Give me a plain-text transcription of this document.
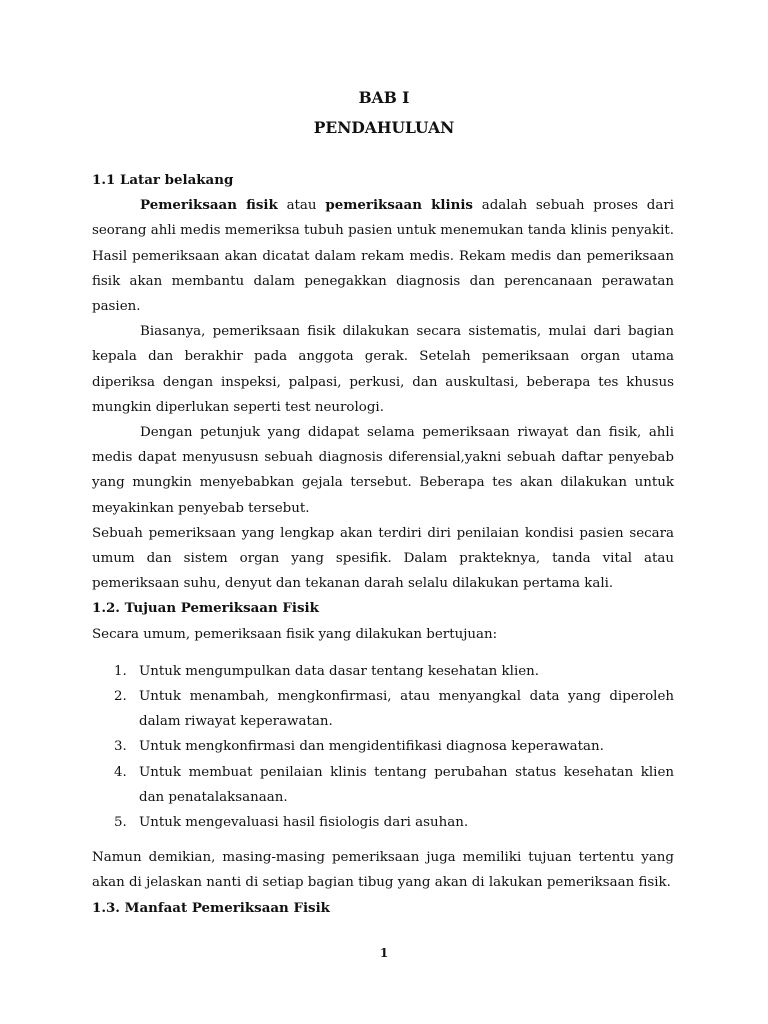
BAB I
PENDAHULUAN
1.1 Latar belakang

Pemeriksaan fisik atau pemeriksaan klinis adalah sebuah proses dari seorang ahli medis memeriksa tubuh pasien untuk menemukan tanda klinis penyakit. Hasil pemeriksaan akan dicatat dalam rekam medis. Rekam medis dan pemeriksaan fisik akan membantu dalam penegakkan diagnosis dan perencanaan perawatan pasien.

Biasanya, pemeriksaan fisik dilakukan secara sistematis, mulai dari bagian kepala dan berakhir pada anggota gerak. Setelah pemeriksaan organ utama diperiksa dengan inspeksi, palpasi, perkusi, dan auskultasi, beberapa tes khusus mungkin diperlukan seperti test neurologi.

Dengan petunjuk yang didapat selama pemeriksaan riwayat dan fisik, ahli medis dapat menyususn sebuah diagnosis diferensial,yakni sebuah daftar penyebab yang mungkin menyebabkan gejala tersebut. Beberapa tes akan dilakukan untuk meyakinkan penyebab tersebut.

Sebuah pemeriksaan yang lengkap akan terdiri diri penilaian kondisi pasien secara umum dan sistem organ yang spesifik. Dalam prakteknya, tanda vital atau pemeriksaan suhu, denyut dan tekanan darah selalu dilakukan pertama kali.

1.2. Tujuan Pemeriksaan Fisik

Secara umum, pemeriksaan fisik yang dilakukan bertujuan:

1. Untuk mengumpulkan data dasar tentang kesehatan klien.
2. Untuk menambah, mengkonfirmasi, atau menyangkal data yang diperoleh dalam riwayat keperawatan.
3. Untuk mengkonfirmasi dan mengidentifikasi diagnosa keperawatan.
4. Untuk membuat penilaian klinis tentang perubahan status kesehatan klien dan penatalaksanaan.
5. Untuk mengevaluasi hasil fisiologis dari asuhan.

Namun demikian, masing-masing pemeriksaan juga memiliki tujuan tertentu yang akan di jelaskan nanti di setiap bagian tibug yang akan di lakukan pemeriksaan fisik.

1.3. Manfaat Pemeriksaan Fisik
1
